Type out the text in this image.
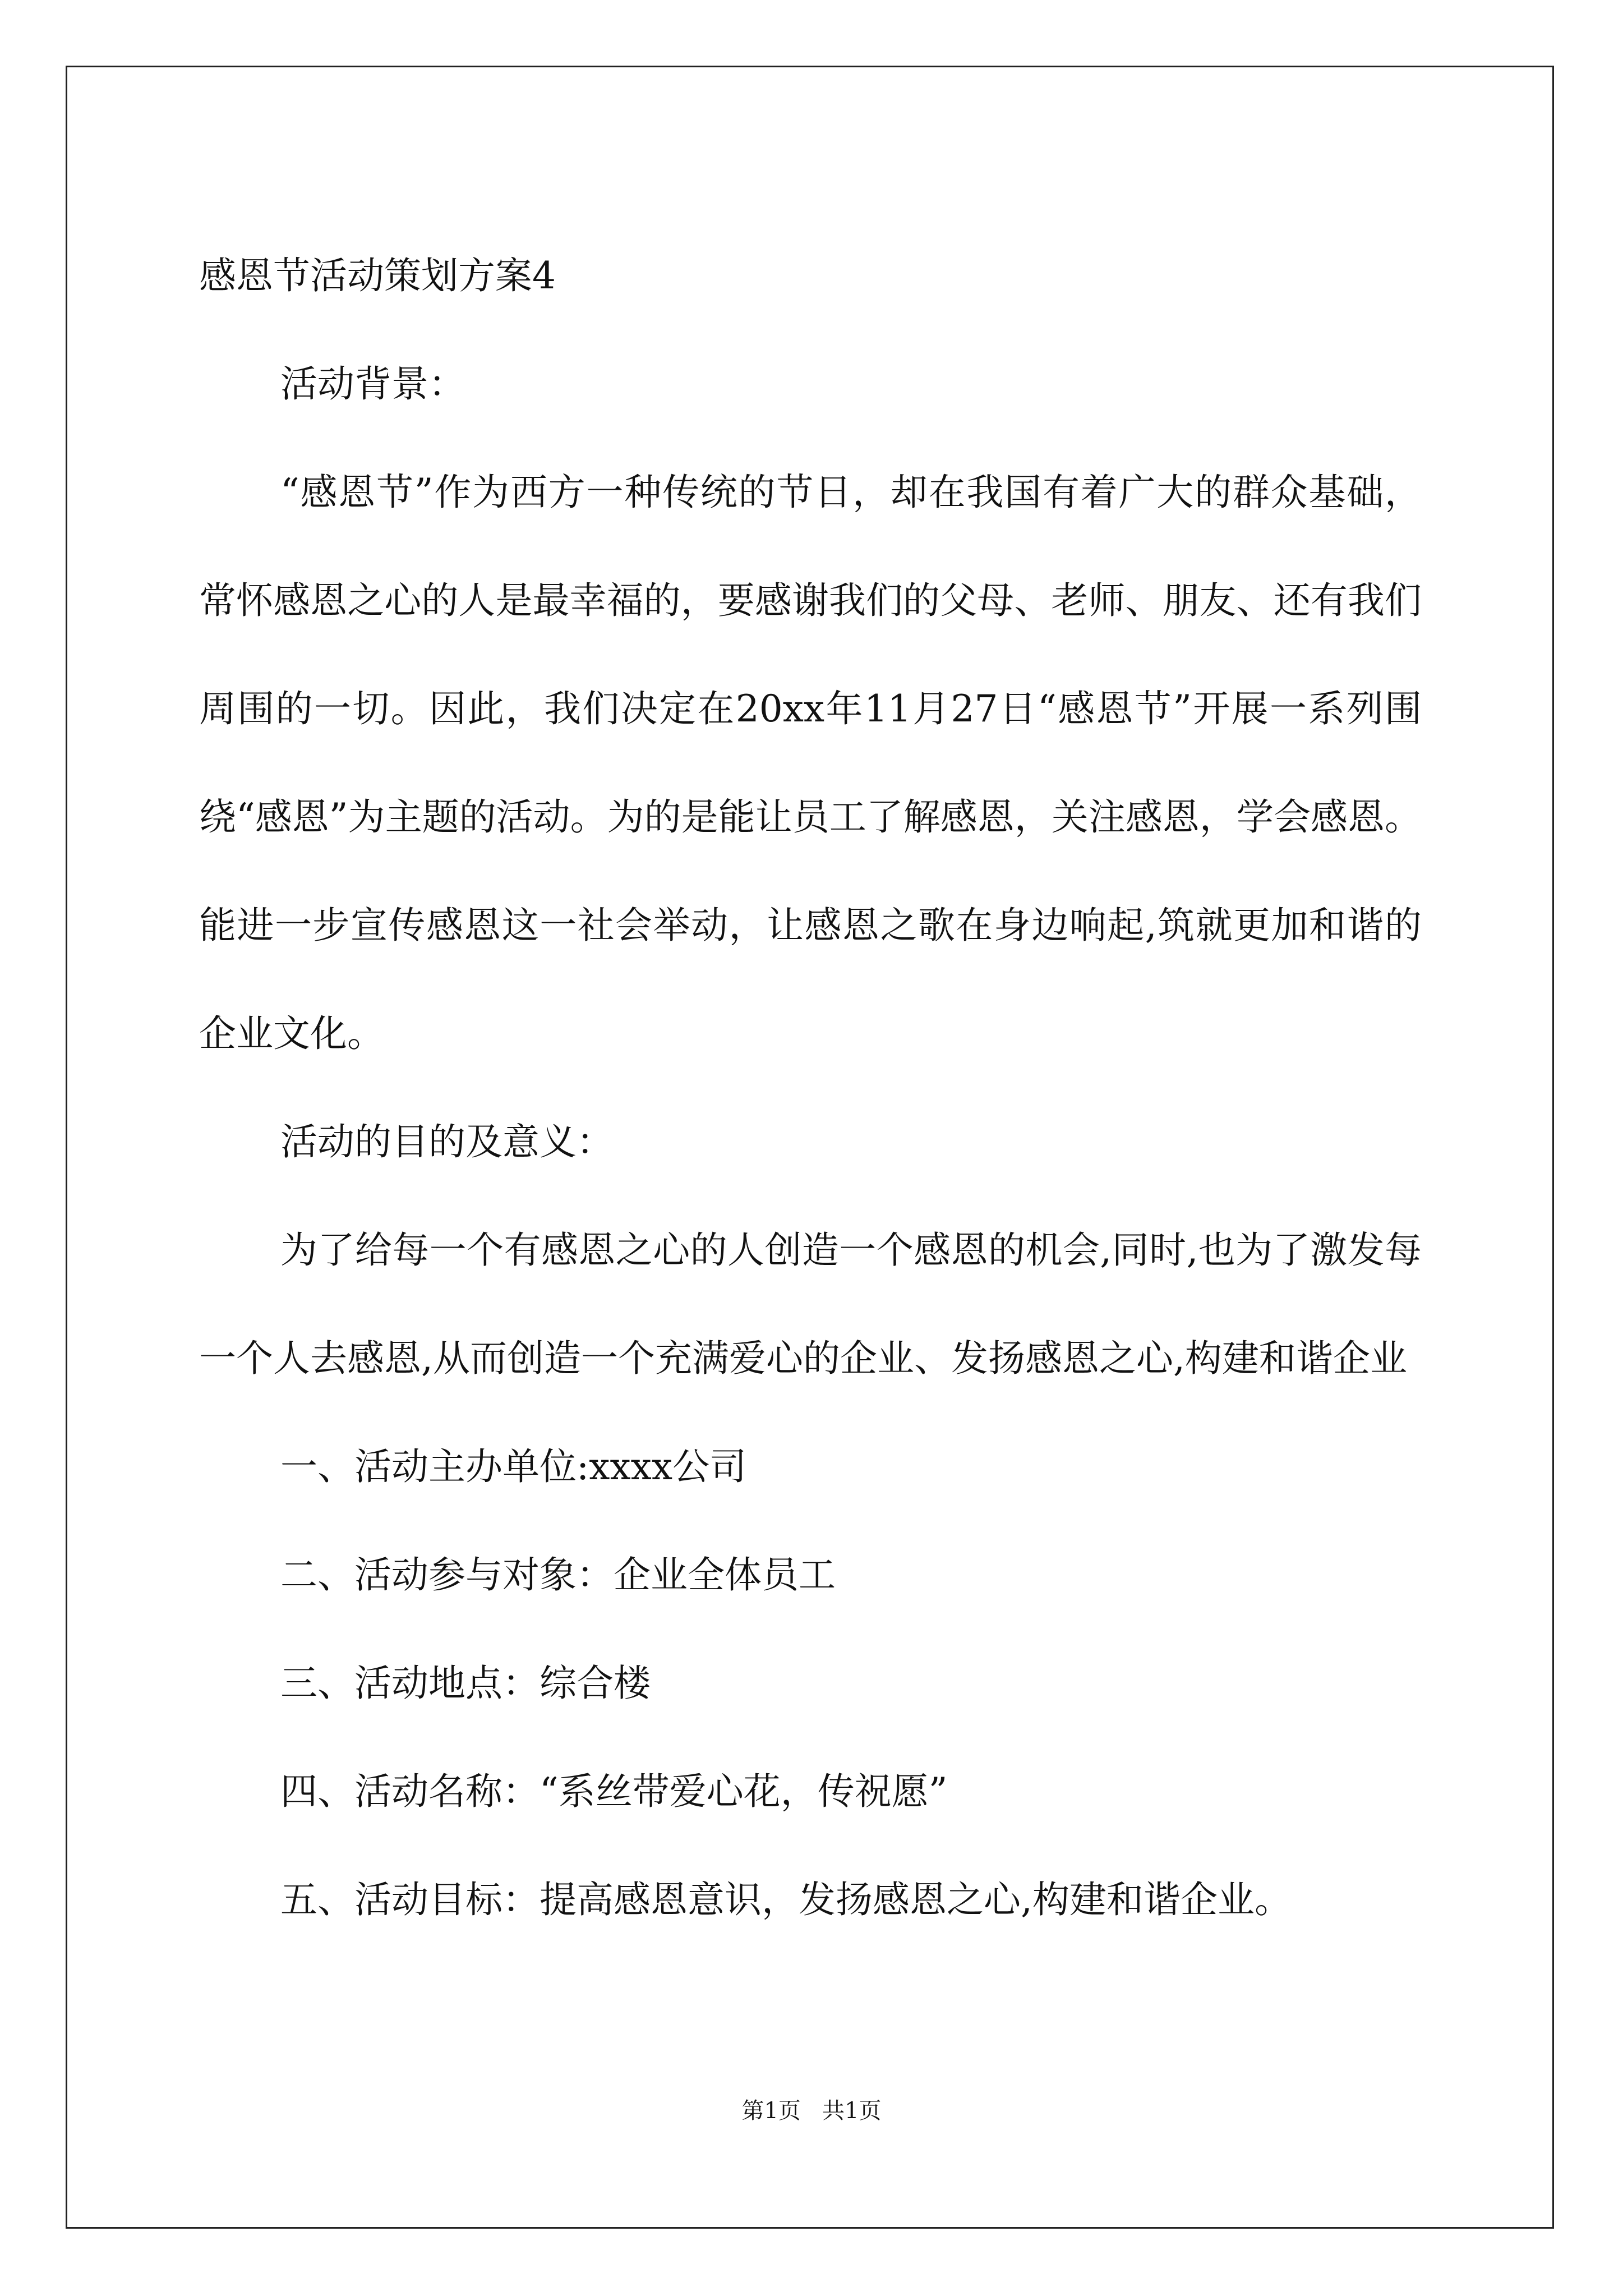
感恩节活动策划方案4

活动背景：

“感恩节”作为西方一种传统的节日，却在我国有着广大的群众基础，常怀感恩之心的人是最幸福的，要感谢我们的父母、老师、朋友、还有我们周围的一切。因此，我们决定在20xx年11月27日“感恩节”开展一系列围绕“感恩”为主题的活动。为的是能让员工了解感恩，关注感恩，学会感恩。能进一步宣传感恩这一社会举动，让感恩之歌在身边响起,筑就更加和谐的企业文化。

活动的目的及意义：

为了给每一个有感恩之心的人创造一个感恩的机会,同时,也为了激发每一个人去感恩,从而创造一个充满爱心的企业、发扬感恩之心,构建和谐企业

一、活动主办单位:xxxx公司

二、活动参与对象：企业全体员工

三、活动地点：综合楼

四、活动名称：“系丝带爱心花，传祝愿”

五、活动目标：提高感恩意识，发扬感恩之心,构建和谐企业。

第1页   共1页
